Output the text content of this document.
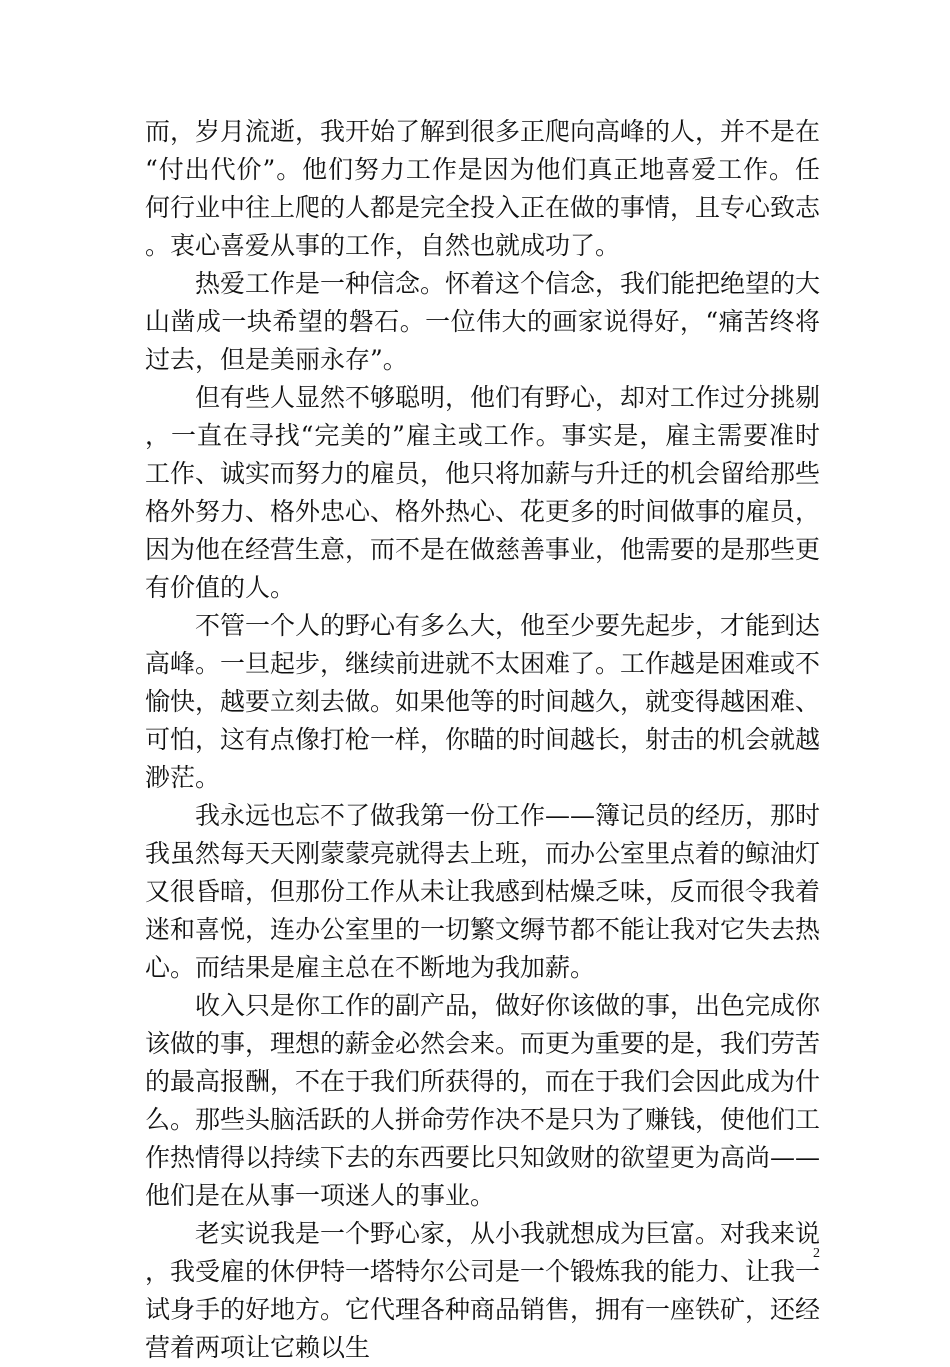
而，岁月流逝，我开始了解到很多正爬向高峰的人，并不是在“付出代价”。他们努力工作是因为他们真正地喜爱工作。任何行业中往上爬的人都是完全投入正在做的事情，且专心致志。衷心喜爱从事的工作，自然也就成功了。

热爱工作是一种信念。怀着这个信念，我们能把绝望的大山凿成一块希望的磐石。一位伟大的画家说得好，“痛苦终将过去，但是美丽永存”。

但有些人显然不够聪明，他们有野心，却对工作过分挑剔，一直在寻找“完美的”雇主或工作。事实是，雇主需要准时工作、诚实而努力的雇员，他只将加薪与升迁的机会留给那些格外努力、格外忠心、格外热心、花更多的时间做事的雇员，因为他在经营生意，而不是在做慈善事业，他需要的是那些更有价值的人。

不管一个人的野心有多么大，他至少要先起步，才能到达高峰。一旦起步，继续前进就不太困难了。工作越是困难或不愉快，越要立刻去做。如果他等的时间越久，就变得越困难、可怕，这有点像打枪一样，你瞄的时间越长，射击的机会就越渺茫。

我永远也忘不了做我第一份工作——簿记员的经历，那时我虽然每天天刚蒙蒙亮就得去上班，而办公室里点着的鲸油灯又很昏暗，但那份工作从未让我感到枯燥乏味，反而很令我着迷和喜悦，连办公室里的一切繁文缛节都不能让我对它失去热心。而结果是雇主总在不断地为我加薪。

收入只是你工作的副产品，做好你该做的事，出色完成你该做的事，理想的薪金必然会来。而更为重要的是，我们劳苦的最高报酬，不在于我们所获得的，而在于我们会因此成为什么。那些头脑活跃的人拼命劳作决不是只为了赚钱，使他们工作热情得以持续下去的东西要比只知敛财的欲望更为高尚——他们是在从事一项迷人的事业。

老实说我是一个野心家，从小我就想成为巨富。对我来说，我受雇的休伊特一塔特尔公司是一个锻炼我的能力、让我一试身手的好地方。它代理各种商品销售，拥有一座铁矿，还经营着两项让它赖以生

2
